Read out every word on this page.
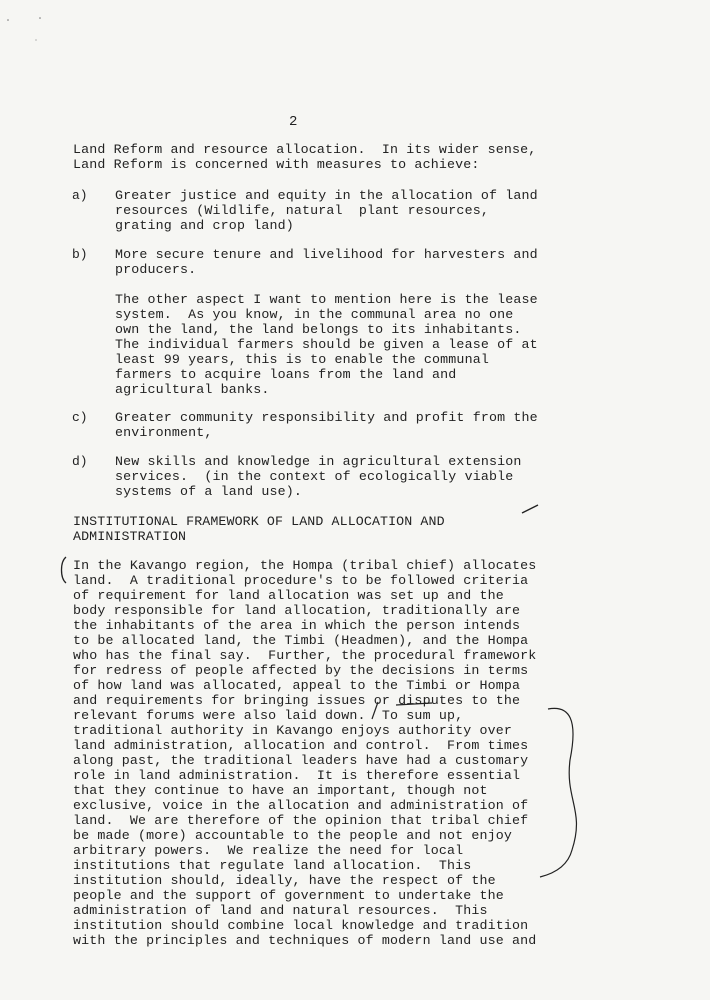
2

Land Reform and resource allocation.  In its wider sense,

Land Reform is concerned with measures to achieve:

a) Greater justice and equity in the allocation of land

resources (Wildlife, natural  plant resources,

grating and crop land)

b) More secure tenure and livelihood for harvesters and

producers.

The other aspect I want to mention here is the lease

system.  As you know, in the communal area no one

own the land, the land belongs to its inhabitants.

The individual farmers should be given a lease of at

least 99 years, this is to enable the communal

farmers to acquire loans from the land and

agricultural banks.

c) Greater community responsibility and profit from the

environment,

d) New skills and knowledge in agricultural extension

services.  (in the context of ecologically viable

systems of a land use).

INSTITUTIONAL FRAMEWORK OF LAND ALLOCATION AND

ADMINISTRATION

In the Kavango region, the Hompa (tribal chief) allocates

land.  A traditional procedure's to be followed criteria

of requirement for land allocation was set up and the

body responsible for land allocation, traditionally are

the inhabitants of the area in which the person intends

to be allocated land, the Timbi (Headmen), and the Hompa

who has the final say.  Further, the procedural framework

for redress of people affected by the decisions in terms

of how land was allocated, appeal to the Timbi or Hompa

and requirements for bringing issues or disputes to the

relevant forums were also laid down.  To sum up,

traditional authority in Kavango enjoys authority over

land administration, allocation and control.  From times

along past, the traditional leaders have had a customary

role in land administration.  It is therefore essential

that they continue to have an important, though not

exclusive, voice in the allocation and administration of

land.  We are therefore of the opinion that tribal chief

be made (more) accountable to the people and not enjoy

arbitrary powers.  We realize the need for local

institutions that regulate land allocation.  This

institution should, ideally, have the respect of the

people and the support of government to undertake the

administration of land and natural resources.  This

institution should combine local knowledge and tradition

with the principles and techniques of modern land use and
